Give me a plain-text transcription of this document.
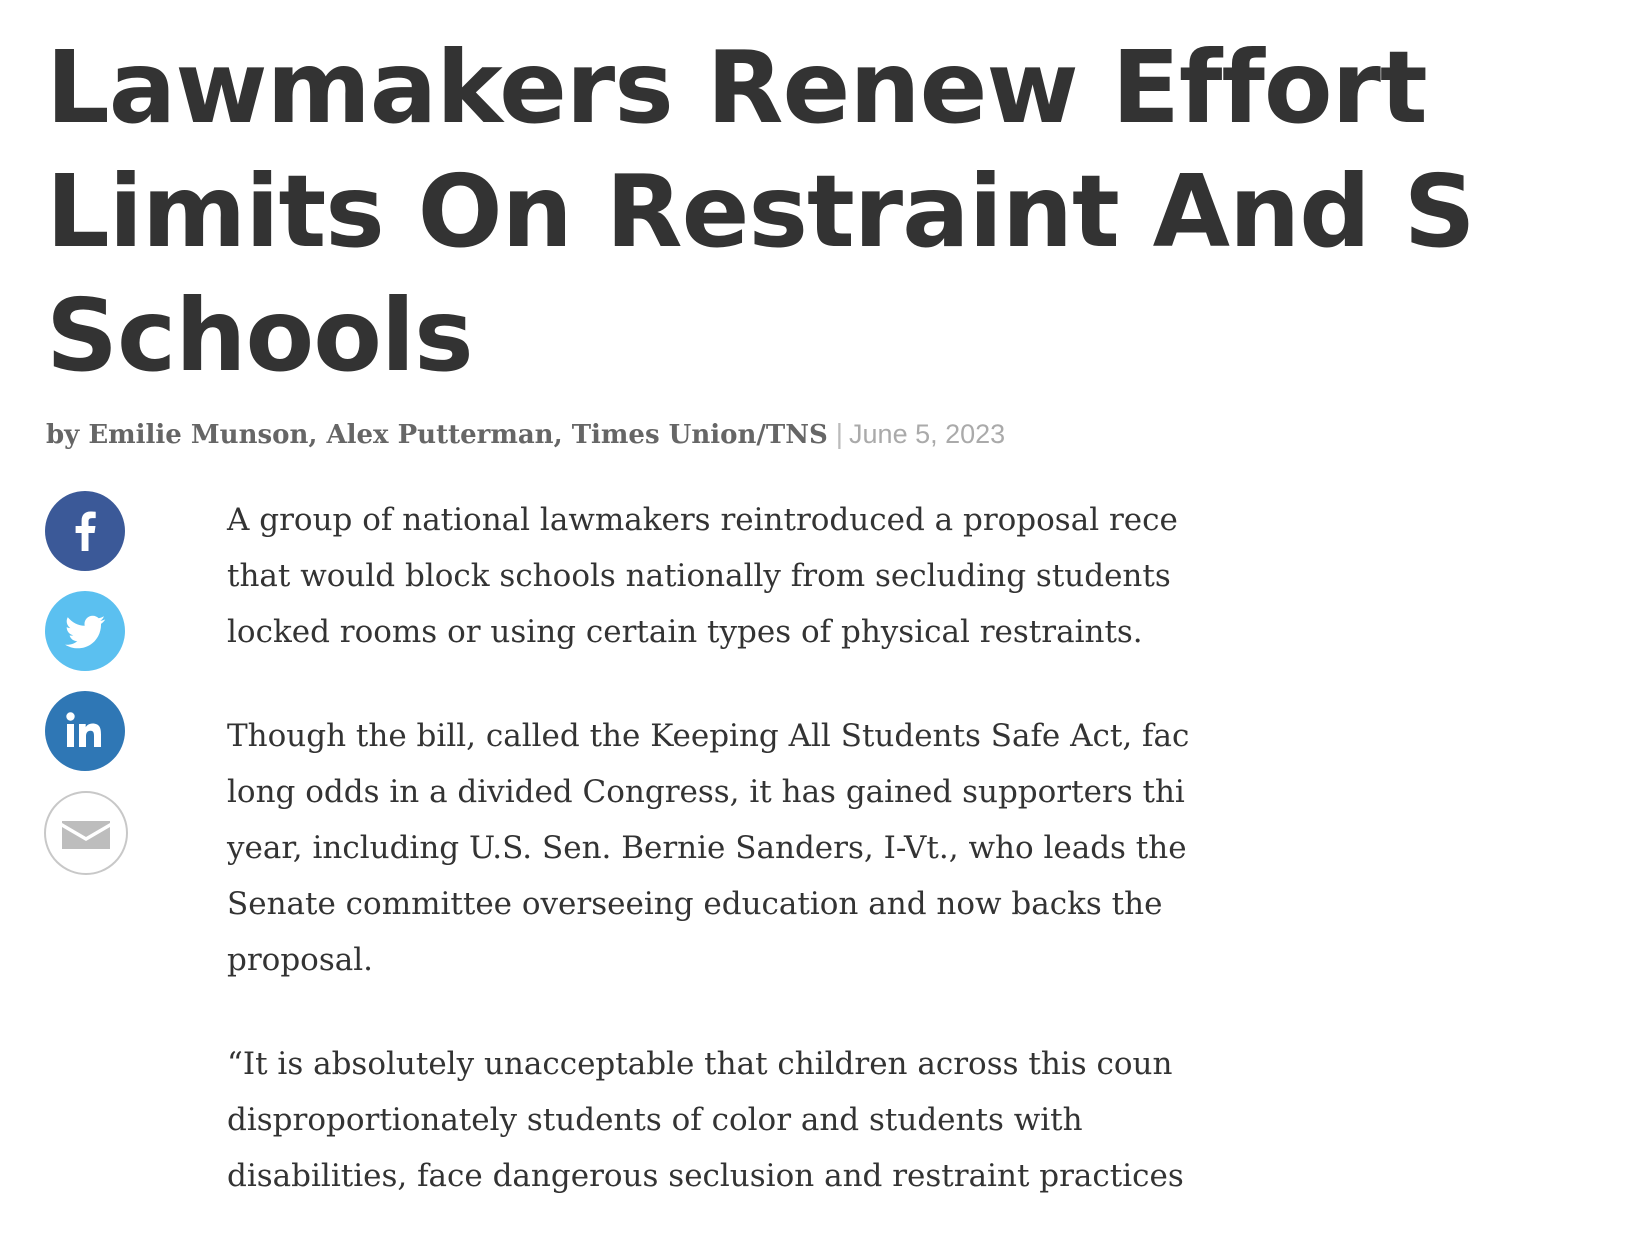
Lawmakers Renew Effort
Limits On Restraint And S
Schools
by Emilie Munson, Alex Putterman, Times Union/TNS | June 5, 2023

A group of national lawmakers reintroduced a proposal rece
that would block schools nationally from secluding students
locked rooms or using certain types of physical restraints.

Though the bill, called the Keeping All Students Safe Act, fac
long odds in a divided Congress, it has gained supporters thi
year, including U.S. Sen. Bernie Sanders, I-Vt., who leads the
Senate committee overseeing education and now backs the
proposal.

“It is absolutely unacceptable that children across this coun
disproportionately students of color and students with
disabilities, face dangerous seclusion and restraint practices
